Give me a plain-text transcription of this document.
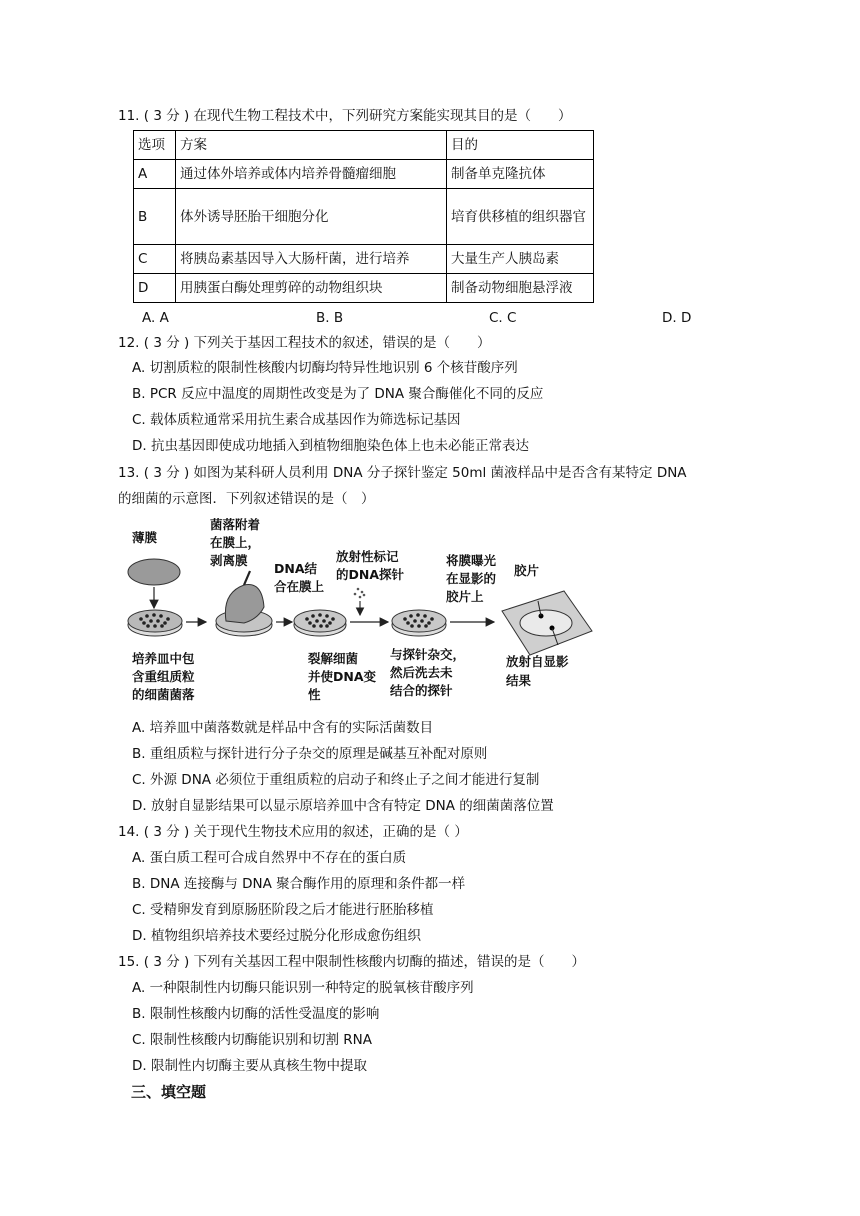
11. ( 3 分 ) 在现代生物工程技术中，下列研究方案能实现其目的是（　　）
选项	方案	目的
A	通过体外培养或体内培养骨髓瘤细胞	制备单克隆抗体
B	体外诱导胚胎干细胞分化	培育供移植的组织器官
C	将胰岛素基因导入大肠杆菌，进行培养	大量生产人胰岛素
D	用胰蛋白酶处理剪碎的动物组织块	制备动物细胞悬浮液
A. A	B. B	C. C	D. D
12. ( 3 分 ) 下列关于基因工程技术的叙述，错误的是（　　）
A. 切割质粒的限制性核酸内切酶均特异性地识别 6 个核苷酸序列
B. PCR 反应中温度的周期性改变是为了 DNA 聚合酶催化不同的反应
C. 载体质粒通常采用抗生素合成基因作为筛选标记基因
D. 抗虫基因即使成功地插入到植物细胞染色体上也未必能正常表达
13. ( 3 分 ) 如图为某科研人员利用 DNA 分子探针鉴定 50ml 菌液样品中是否含有某特定 DNA
的细菌的示意图．下列叙述错误的是（　）
薄膜
培养皿中包
含重组质粒
的细菌菌落
菌落附着
在膜上，
剥离膜
DNA结
合在膜上
裂解细菌
并使DNA变
性
放射性标记
的DNA探针
与探针杂交，
然后洗去未
结合的探针
将膜曝光
在显影的
胶片上
胶片
放射自显影
结果
A. 培养皿中菌落数就是样品中含有的实际活菌数目
B. 重组质粒与探针进行分子杂交的原理是碱基互补配对原则
C. 外源 DNA 必须位于重组质粒的启动子和终止子之间才能进行复制
D. 放射自显影结果可以显示原培养皿中含有特定 DNA 的细菌菌落位置
14. ( 3 分 ) 关于现代生物技术应用的叙述，正确的是（ ）
A. 蛋白质工程可合成自然界中不存在的蛋白质
B. DNA 连接酶与 DNA 聚合酶作用的原理和条件都一样
C. 受精卵发育到原肠胚阶段之后才能进行胚胎移植
D. 植物组织培养技术要经过脱分化形成愈伤组织
15. ( 3 分 ) 下列有关基因工程中限制性核酸内切酶的描述，错误的是（　　）
A. 一种限制性内切酶只能识别一种特定的脱氧核苷酸序列
B. 限制性核酸内切酶的活性受温度的影响
C. 限制性核酸内切酶能识别和切割 RNA
D. 限制性内切酶主要从真核生物中提取
三、填空题
